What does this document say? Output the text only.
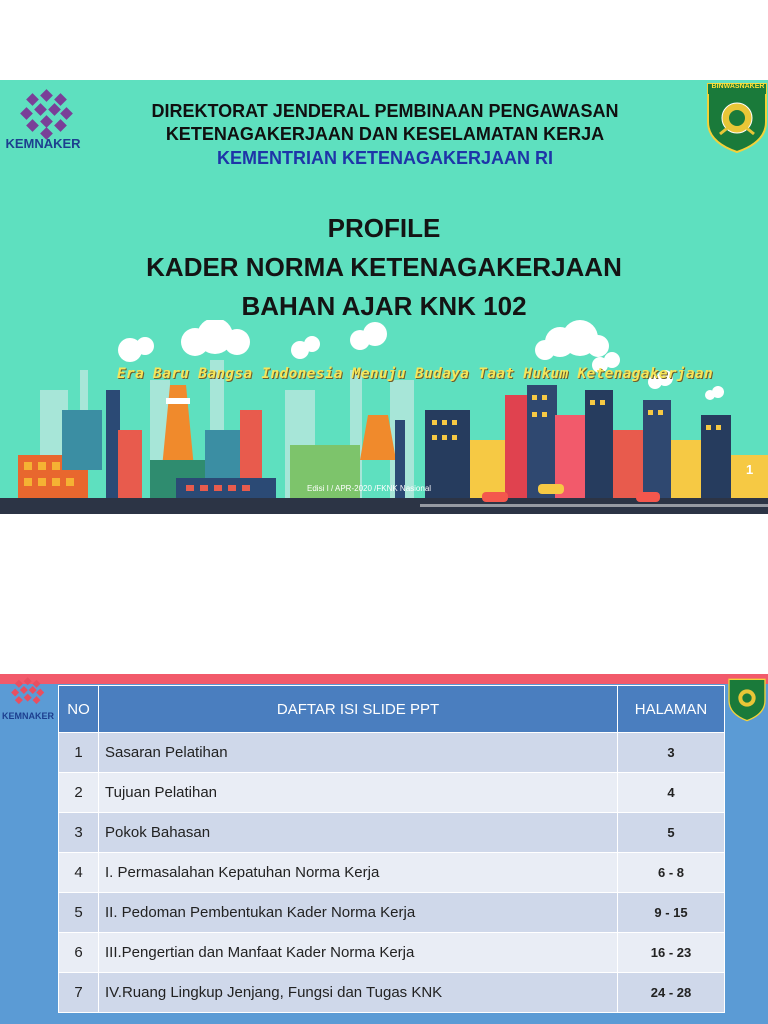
KEMNAKER
BINWASNAKER
DIREKTORAT JENDERAL PEMBINAAN PENGAWASAN
KETENAGAKERJAAN DAN KESELAMATAN KERJA
KEMENTRIAN KETENAGAKERJAAN RI
PROFILE
KADER NORMA KETENAGAKERJAAN
BAHAN AJAR KNK 102
Era Baru Bangsa Indonesia Menuju Budaya Taat Hukum Ketenagakerjaan
Edisi I / APR-2020 /FKNK Nasional
1
KEMNAKER NO	DAFTAR ISI SLIDE PPT	HALAMAN
1	Sasaran Pelatihan	3
2	Tujuan Pelatihan	4
3	Pokok Bahasan	5
4	I. Permasalahan Kepatuhan Norma Kerja	6 - 8
5	II. Pedoman Pembentukan Kader Norma Kerja	9 - 15
6	III.Pengertian dan Manfaat Kader Norma Kerja	16 - 23
7	IV.Ruang Lingkup Jenjang, Fungsi dan Tugas KNK	24 - 28
